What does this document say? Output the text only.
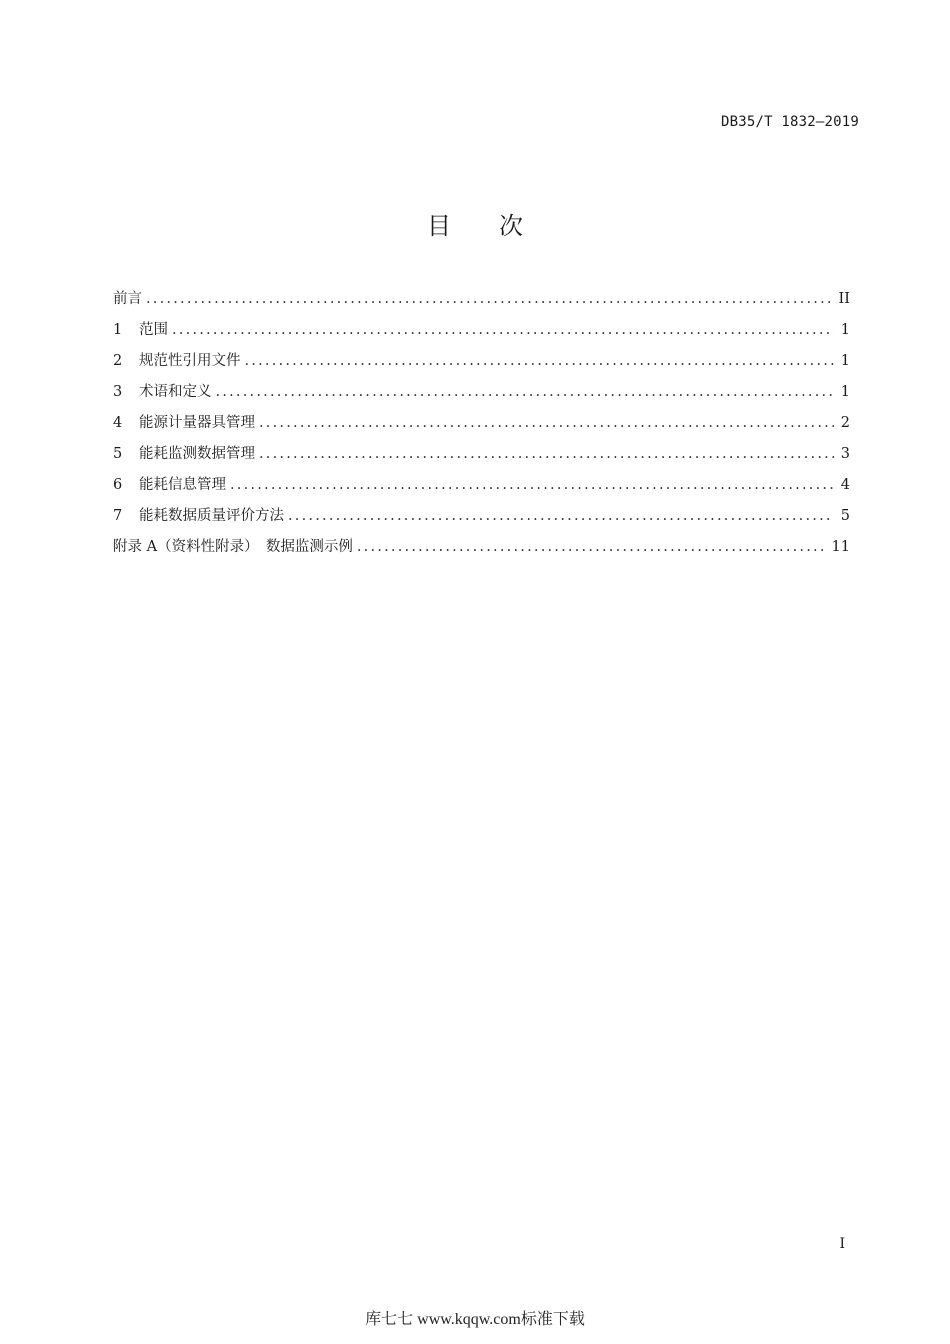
DB35/T 1832—2019
目次
前言 .....	II
1	范围 .....	1
2	规范性引用文件 .....	1
3	术语和定义 .....	1
4	能源计量器具管理 .....	2
5	能耗监测数据管理 .....	3
6	能耗信息管理 .....	4
7	能耗数据质量评价方法 .....	5
附录 A（资料性附录）　数据监测示例 .....	11
I
库七七 www.kqqw.com标准下载
